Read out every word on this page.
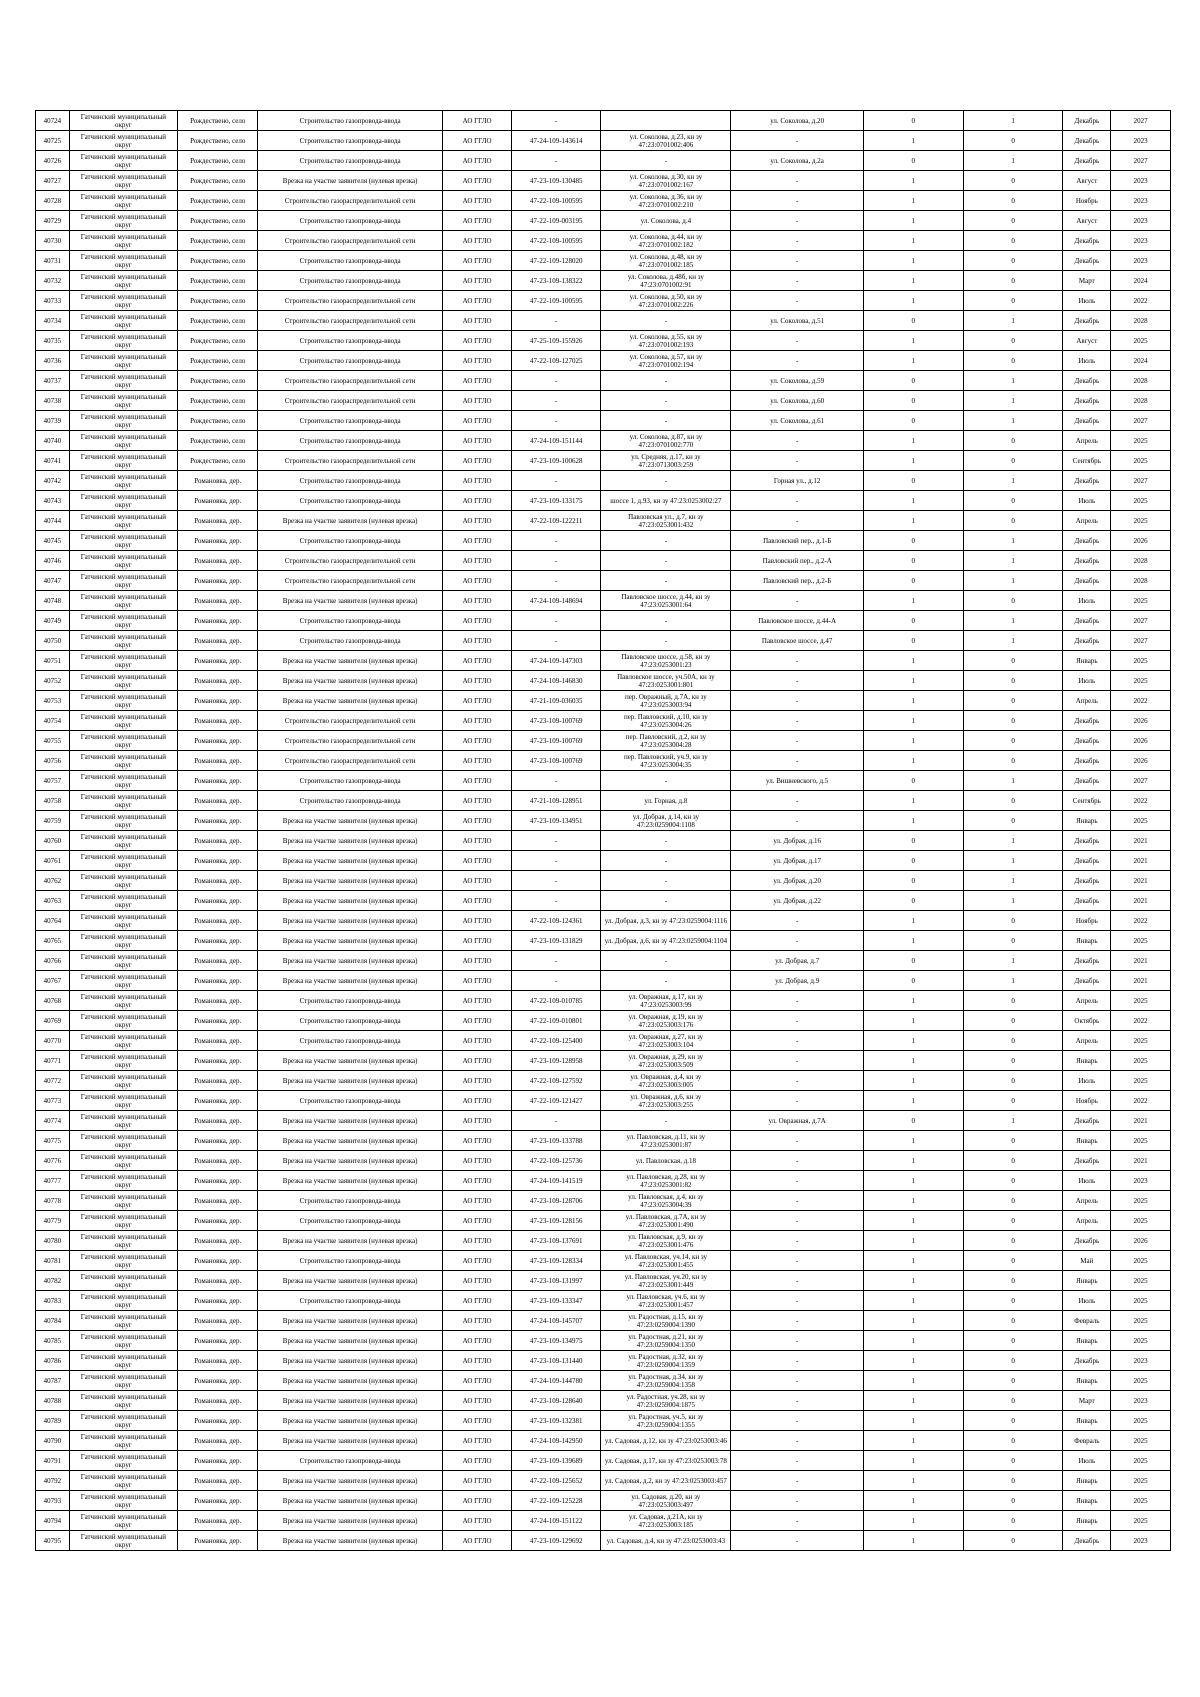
40724	Гатчинский муниципальный округ	Рождествено, село	Строительство газопровода-ввода	АО ГГЛО	-		ул. Соколова, д.20	0	1	Декабрь	2027
40725	Гатчинский муниципальный округ	Рождествено, село	Строительство газопровода-ввода	АО ГГЛО	47-24-109-143614	ул. Соколова, д.23, кн зу 47:23:0701002:406	-	1	0	Декабрь	2023
40726	Гатчинский муниципальный округ	Рождествено, село	Строительство газопровода-ввода	АО ГГЛО	-	-	ул. Соколова, д.2а	0	1	Декабрь	2027
40727	Гатчинский муниципальный округ	Рождествено, село	Врезка на участке заявителя (нулевая врезка)	АО ГГЛО	47-23-109-130485	ул. Соколова, д.30, кн зу 47:23:0701002:167	-	1	0	Август	2023
40728	Гатчинский муниципальный округ	Рождествено, село	Строительство газораспределительной сети	АО ГГЛО	47-22-109-100595	ул. Соколова, д.36, кн зу 47:23:0701002:210	-	1	0	Ноябрь	2023
40729	Гатчинский муниципальный округ	Рождествено, село	Строительство газопровода-ввода	АО ГГЛО	47-22-109-003195	ул. Соколова, д.4	-	1	0	Август	2023
40730	Гатчинский муниципальный округ	Рождествено, село	Строительство газораспределительной сети	АО ГГЛО	47-22-109-100595	ул. Соколова, д.44, кн зу 47:23:0701002:182	-	1	0	Декабрь	2023
40731	Гатчинский муниципальный округ	Рождествено, село	Строительство газопровода-ввода	АО ГГЛО	47-22-109-128020	ул. Соколова, д.48, кн зу 47:23:0701002:185	-	1	0	Декабрь	2023
40732	Гатчинский муниципальный округ	Рождествено, село	Строительство газопровода-ввода	АО ГГЛО	47-23-109-138322	ул. Соколова, д.48б, кн зу 47:23:0701002:91	-	1	0	Март	2024
40733	Гатчинский муниципальный округ	Рождествено, село	Строительство газораспределительной сети	АО ГГЛО	47-22-109-100595	ул. Соколова, д.50, кн зу 47:23:0701002:226	-	1	0	Июль	2022
40734	Гатчинский муниципальный округ	Рождествено, село	Строительство газораспределительной сети	АО ГГЛО	-	-	ул. Соколова, д.51	0	1	Декабрь	2028
40735	Гатчинский муниципальный округ	Рождествено, село	Строительство газопровода-ввода	АО ГГЛО	47-25-109-155926	ул. Соколова, д.55, кн зу 47:23:0701002:193	-	1	0	Август	2025
40736	Гатчинский муниципальный округ	Рождествено, село	Строительство газопровода-ввода	АО ГГЛО	47-22-109-127025	ул. Соколова, д.57, кн зу 47:23:0701002:194	-	1	0	Июль	2024
40737	Гатчинский муниципальный округ	Рождествено, село	Строительство газораспределительной сети	АО ГГЛО	-	-	ул. Соколова, д.59	0	1	Декабрь	2028
40738	Гатчинский муниципальный округ	Рождествено, село	Строительство газораспределительной сети	АО ГГЛО	-	-	ул. Соколова, д.60	0	1	Декабрь	2028
40739	Гатчинский муниципальный округ	Рождествено, село	Строительство газопровода-ввода	АО ГГЛО	-	-	ул. Соколова, д.61	0	1	Декабрь	2027
40740	Гатчинский муниципальный округ	Рождествено, село	Строительство газопровода-ввода	АО ГГЛО	47-24-109-151144	ул. Соколова, д.87, кн зу 47:23:0701002:770	-	1	0	Апрель	2025
40741	Гатчинский муниципальный округ	Рождествено, село	Строительство газораспределительной сети	АО ГГЛО	47-23-109-100628	ул. Средняя, д.17, кн зу 47:23:0713003:259	-	1	0	Сентябрь	2025
40742	Гатчинский муниципальный округ	Романовка, дер.	Строительство газопровода-ввода	АО ГГЛО	-	-	Горная ул., д.12	0	1	Декабрь	2027
40743	Гатчинский муниципальный округ	Романовка, дер.	Строительство газопровода-ввода	АО ГГЛО	47-23-109-133175	шоссе 1, д.93, кн зу 47:23:0253002:27	-	1	0	Июль	2025
40744	Гатчинский муниципальный округ	Романовка, дер.	Врезка на участке заявителя (нулевая врезка)	АО ГГЛО	47-22-109-122211	Павловская ул., д.7, кн зу 47:23:0253001:432	-	1	0	Апрель	2025
40745	Гатчинский муниципальный округ	Романовка, дер.	Строительство газопровода-ввода	АО ГГЛО	-	-	Павловский пер., д.1-Б	0	1	Декабрь	2026
40746	Гатчинский муниципальный округ	Романовка, дер.	Строительство газораспределительной сети	АО ГГЛО	-	-	Павловский пер., д.2-А	0	1	Декабрь	2028
40747	Гатчинский муниципальный округ	Романовка, дер.	Строительство газораспределительной сети	АО ГГЛО	-	-	Павловский пер., д.2-Б	0	1	Декабрь	2028
40748	Гатчинский муниципальный округ	Романовка, дер.	Врезка на участке заявителя (нулевая врезка)	АО ГГЛО	47-24-109-148694	Павловское шоссе, д.44, кн зу 47:23:0253001:64	-	1	0	Июль	2025
40749	Гатчинский муниципальный округ	Романовка, дер.	Строительство газопровода-ввода	АО ГГЛО	-	-	Павловское шоссе, д.44-А	0	1	Декабрь	2027
40750	Гатчинский муниципальный округ	Романовка, дер.	Строительство газопровода-ввода	АО ГГЛО	-	-	Павловское шоссе, д.47	0	1	Декабрь	2027
40751	Гатчинский муниципальный округ	Романовка, дер.	Врезка на участке заявителя (нулевая врезка)	АО ГГЛО	47-24-109-147303	Павловское шоссе, д.58, кн зу 47:23:0253001:23	-	1	0	Январь	2025
40752	Гатчинский муниципальный округ	Романовка, дер.	Врезка на участке заявителя (нулевая врезка)	АО ГГЛО	47-24-109-146830	Павловское шоссе, уч.50А, кн зу 47:23:0253001:801	-	1	0	Июль	2025
40753	Гатчинский муниципальный округ	Романовка, дер.	Врезка на участке заявителя (нулевая врезка)	АО ГГЛО	47-21-109-036035	пер. Овражный, д.7А, кн зу 47:23:0253003:94	-	1	0	Апрель	2022
40754	Гатчинский муниципальный округ	Романовка, дер.	Строительство газораспределительной сети	АО ГГЛО	47-23-109-100769	пер. Павловский, д.10, кн зу 47:23:0253004:26	-	1	0	Декабрь	2026
40755	Гатчинский муниципальный округ	Романовка, дер.	Строительство газораспределительной сети	АО ГГЛО	47-23-109-100769	пер. Павловский, д.2, кн зу 47:23:0253004:28	-	1	0	Декабрь	2026
40756	Гатчинский муниципальный округ	Романовка, дер.	Строительство газораспределительной сети	АО ГГЛО	47-23-109-100769	пер. Павловский, уч.9, кн зу 47:23:0253004:35	-	1	0	Декабрь	2026
40757	Гатчинский муниципальный округ	Романовка, дер.	Строительство газопровода-ввода	АО ГГЛО	-	-	ул. Вишневского, д.5	0	1	Декабрь	2027
40758	Гатчинский муниципальный округ	Романовка, дер.	Строительство газопровода-ввода	АО ГГЛО	47-21-109-128951	ул. Горная, д.8	-	1	0	Сентябрь	2022
40759	Гатчинский муниципальный округ	Романовка, дер.	Врезка на участке заявителя (нулевая врезка)	АО ГГЛО	47-23-109-134951	ул. Добрая, д.14, кн зу 47:23:0259004:1108	-	1	0	Январь	2025
40760	Гатчинский муниципальный округ	Романовка, дер.	Врезка на участке заявителя (нулевая врезка)	АО ГГЛО	-	-	ул. Добрая, д.16	0	1	Декабрь	2021
40761	Гатчинский муниципальный округ	Романовка, дер.	Врезка на участке заявителя (нулевая врезка)	АО ГГЛО	-	-	ул. Добрая, д.17	0	1	Декабрь	2021
40762	Гатчинский муниципальный округ	Романовка, дер.	Врезка на участке заявителя (нулевая врезка)	АО ГГЛО	-	-	ул. Добрая, д.20	0	1	Декабрь	2021
40763	Гатчинский муниципальный округ	Романовка, дер.	Врезка на участке заявителя (нулевая врезка)	АО ГГЛО	-	-	ул. Добрая, д.22	0	1	Декабрь	2021
40764	Гатчинский муниципальный округ	Романовка, дер.	Врезка на участке заявителя (нулевая врезка)	АО ГГЛО	47-22-109-124361	ул. Добрая, д.3, кн зу 47:23:0259004:1116	-	1	0	Ноябрь	2022
40765	Гатчинский муниципальный округ	Романовка, дер.	Врезка на участке заявителя (нулевая врезка)	АО ГГЛО	47-23-109-131829	ул. Добрая, д.6, кн зу 47:23:0259004:1104	-	1	0	Январь	2025
40766	Гатчинский муниципальный округ	Романовка, дер.	Врезка на участке заявителя (нулевая врезка)	АО ГГЛО	-	-	ул. Добрая, д.7	0	1	Декабрь	2021
40767	Гатчинский муниципальный округ	Романовка, дер.	Врезка на участке заявителя (нулевая врезка)	АО ГГЛО	-	-	ул. Добрая, д.9	0	1	Декабрь	2021
40768	Гатчинский муниципальный округ	Романовка, дер.	Строительство газопровода-ввода	АО ГГЛО	47-22-109-010785	ул. Овражная, д.17, кн зу 47:23:0253003:99	-	1	0	Апрель	2025
40769	Гатчинский муниципальный округ	Романовка, дер.	Строительство газопровода-ввода	АО ГГЛО	47-22-109-010801	ул. Овражная, д.19, кн зу 47:23:0253003:176	-	1	0	Октябрь	2022
40770	Гатчинский муниципальный округ	Романовка, дер.	Строительство газопровода-ввода	АО ГГЛО	47-22-109-125400	ул. Овражная, д.27, кн зу 47:23:0253003:104	-	1	0	Апрель	2025
40771	Гатчинский муниципальный округ	Романовка, дер.	Врезка на участке заявителя (нулевая врезка)	АО ГГЛО	47-23-109-128958	ул. Овражная, д.29, кн зу 47:23:0253003:509	-	1	0	Январь	2025
40772	Гатчинский муниципальный округ	Романовка, дер.	Врезка на участке заявителя (нулевая врезка)	АО ГГЛО	47-22-109-127592	ул. Овражная, д.4, кн зу 47:23:0253003:005	-	1	0	Июль	2025
40773	Гатчинский муниципальный округ	Романовка, дер.	Строительство газопровода-ввода	АО ГГЛО	47-22-109-121427	ул. Овражная, д.6, кн зу 47:23:0253003:255	-	1	0	Ноябрь	2022
40774	Гатчинский муниципальный округ	Романовка, дер.	Врезка на участке заявителя (нулевая врезка)	АО ГГЛО	-	-	ул. Овражная, д.7А	0	1	Декабрь	2021
40775	Гатчинский муниципальный округ	Романовка, дер.	Врезка на участке заявителя (нулевая врезка)	АО ГГЛО	47-23-109-133788	ул. Павловская, д.11, кн зу 47:23:0253001:87	-	1	0	Январь	2025
40776	Гатчинский муниципальный округ	Романовка, дер.	Врезка на участке заявителя (нулевая врезка)	АО ГГЛО	47-22-109-125736	ул. Павловская, д.18	-	1	0	Декабрь	2021
40777	Гатчинский муниципальный округ	Романовка, дер.	Врезка на участке заявителя (нулевая врезка)	АО ГГЛО	47-24-109-141519	ул. Павловская, д.28, кн зу 47:23:0253001:82	-	1	0	Июль	2023
40778	Гатчинский муниципальный округ	Романовка, дер.	Строительство газопровода-ввода	АО ГГЛО	47-23-109-128706	ул. Павловская, д.4, кн зу 47:23:0253004:39	-	1	0	Апрель	2025
40779	Гатчинский муниципальный округ	Романовка, дер.	Строительство газопровода-ввода	АО ГГЛО	47-23-109-128156	ул. Павловская, д.7А, кн зу 47:23:0253001:490	-	1	0	Апрель	2025
40780	Гатчинский муниципальный округ	Романовка, дер.	Врезка на участке заявителя (нулевая врезка)	АО ГГЛО	47-23-109-137691	ул. Павловская, д.9, кн зу 47:23:0253001:476	-	1	0	Декабрь	2026
40781	Гатчинский муниципальный округ	Романовка, дер.	Строительство газопровода-ввода	АО ГГЛО	47-23-109-128334	ул. Павловская, уч.14, кн зу 47:23:0253001:455	-	1	0	Май	2025
40782	Гатчинский муниципальный округ	Романовка, дер.	Врезка на участке заявителя (нулевая врезка)	АО ГГЛО	47-23-109-131997	ул. Павловская, уч.20, кн зу 47:23:0253001:449	-	1	0	Январь	2025
40783	Гатчинский муниципальный округ	Романовка, дер.	Строительство газопровода-ввода	АО ГГЛО	47-23-109-133347	ул. Павловская, уч.6, кн зу 47:23:0253001:457	-	1	0	Июль	2025
40784	Гатчинский муниципальный округ	Романовка, дер.	Врезка на участке заявителя (нулевая врезка)	АО ГГЛО	47-24-109-145707	ул. Радостная, д.15, кн зу 47:23:0259004:1390	-	1	0	Февраль	2025
40785	Гатчинский муниципальный округ	Романовка, дер.	Врезка на участке заявителя (нулевая врезка)	АО ГГЛО	47-23-109-134975	ул. Радостная, д.21, кн зу 47:23:0259004:1350	-	1	0	Январь	2025
40786	Гатчинский муниципальный округ	Романовка, дер.	Врезка на участке заявителя (нулевая врезка)	АО ГГЛО	47-23-109-131440	ул. Радостная, д.32, кн зу 47:23:0259004:1359	-	1	0	Декабрь	2023
40787	Гатчинский муниципальный округ	Романовка, дер.	Врезка на участке заявителя (нулевая врезка)	АО ГГЛО	47-24-109-144780	ул. Радостная, д.34, кн зу 47:23:0259004:1358	-	1	0	Январь	2025
40788	Гатчинский муниципальный округ	Романовка, дер.	Врезка на участке заявителя (нулевая врезка)	АО ГГЛО	47-23-109-128640	ул. Радостная, уч.28, кн зу 47:23:0259004:1875	-	1	0	Март	2023
40789	Гатчинский муниципальный округ	Романовка, дер.	Врезка на участке заявителя (нулевая врезка)	АО ГГЛО	47-23-109-132381	ул. Радостная, уч.5, кн зу 47:23:0259004:1355	-	1	0	Январь	2025
40790	Гатчинский муниципальный округ	Романовка, дер.	Врезка на участке заявителя (нулевая врезка)	АО ГГЛО	47-24-109-142950	ул. Садовая, д.12, кн зу 47:23:0253003:46	-	1	0	Февраль	2025
40791	Гатчинский муниципальный округ	Романовка, дер.	Строительство газопровода-ввода	АО ГГЛО	47-23-109-139689	ул. Садовая, д.17, кн зу 47:23:0253003:78	-	1	0	Июль	2025
40792	Гатчинский муниципальный округ	Романовка, дер.	Врезка на участке заявителя (нулевая врезка)	АО ГГЛО	47-22-109-125652	ул. Садовая, д.2, кн зу 47:23:0253003:457	-	1	0	Январь	2025
40793	Гатчинский муниципальный округ	Романовка, дер.	Врезка на участке заявителя (нулевая врезка)	АО ГГЛО	47-22-109-125228	ул. Садовая, д.20, кн зу 47:23:0253003:497	-	1	0	Январь	2025
40794	Гатчинский муниципальный округ	Романовка, дер.	Врезка на участке заявителя (нулевая врезка)	АО ГГЛО	47-24-109-151122	ул. Садовая, д.21А, кн зу 47:23:0253003:185	-	1	0	Январь	2025
40795	Гатчинский муниципальный округ	Романовка, дер.	Врезка на участке заявителя (нулевая врезка)	АО ГГЛО	47-23-109-129692	ул. Садовая, д.4, кн зу 47:23:0253003:43	-	1	0	Декабрь	2023
